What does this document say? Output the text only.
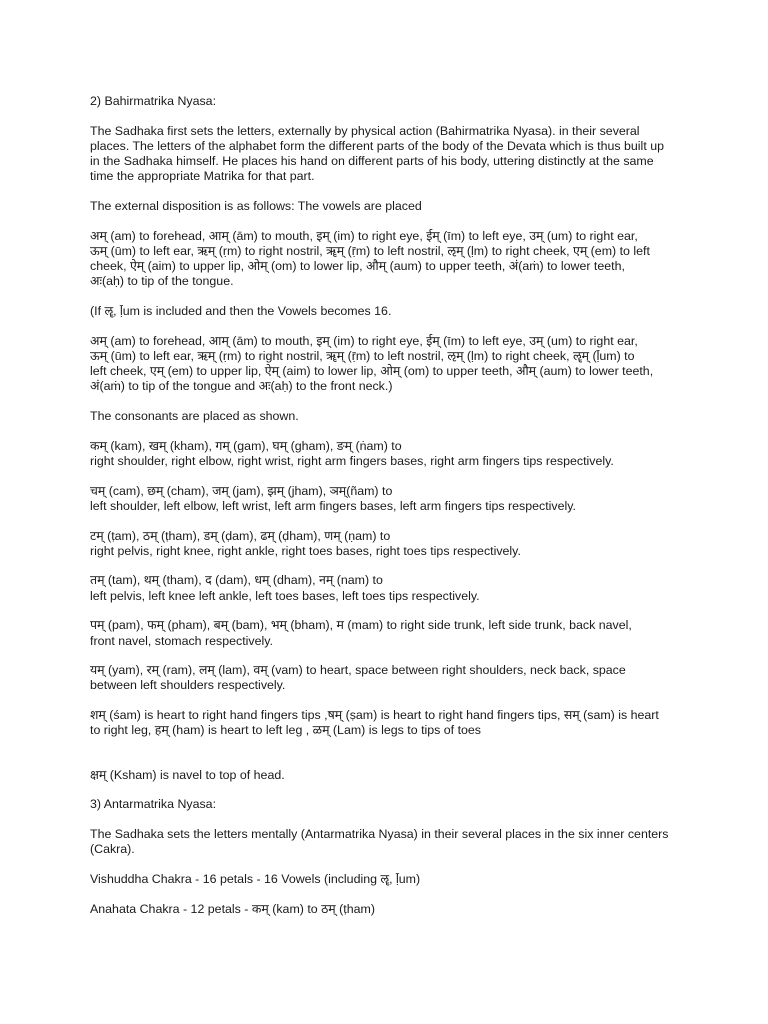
2) Bahirmatrika Nyasa:

The Sadhaka first sets the letters, externally by physical action (Bahirmatrika Nyasa). in their several
places. The letters of the alphabet form the different parts of the body of the Devata which is thus built up
in the Sadhaka himself. He places his hand on different parts of his body, uttering distinctly at the same
time the appropriate Matrika for that part.

The external disposition is as follows: The vowels are placed

अम् (am) to forehead, आम् (ām) to mouth, इम् (im) to right eye, ईम् (īm) to left eye, उम् (um) to right ear,
ऊम् (ūm) to left ear, ऋम् (ṛm) to right nostril, ॠम् (ṝm) to left nostril, ऌम् (ḷm) to right cheek, एम् (em) to left
cheek, ऐम् (aim) to upper lip, ओम् (om) to lower lip, औम् (aum) to upper teeth, अं(aṁ) to lower teeth,
अः(aḥ) to tip of the tongue.

(If ॡ, ḹum is included and then the Vowels becomes 16.

अम् (am) to forehead, आम् (ām) to mouth, इम् (im) to right eye, ईम् (īm) to left eye, उम् (um) to right ear,
ऊम् (ūm) to left ear, ऋम् (ṛm) to right nostril, ॠम् (ṝm) to left nostril, ऌम् (ḷm) to right cheek, ॡम् (ḹum) to
left cheek, एम् (em) to upper lip, ऐम् (aim) to lower lip, ओम् (om) to upper teeth, औम् (aum) to lower teeth,
अं(aṁ) to tip of the tongue and अः(aḥ) to the front neck.)

The consonants are placed as shown.

कम् (kam), खम् (kham), गम् (gam), घम् (gham), ङम् (ṅam) to
right shoulder, right elbow, right wrist, right arm fingers bases, right arm fingers tips respectively.

चम् (cam), छम् (cham), जम् (jam), झम् (jham), ञम्(ñam) to
left shoulder, left elbow, left wrist, left arm fingers bases, left arm fingers tips respectively.

टम् (ṭam), ठम् (ṭham), डम् (ḍam), ढम् (ḍham), णम् (ṇam) to
right pelvis, right knee, right ankle, right toes bases, right toes tips respectively.

तम् (tam), थम् (tham), द (dam), धम् (dham), नम् (nam) to
left pelvis, left knee left ankle, left toes bases, left toes tips respectively.

पम् (pam), फम् (pham), बम् (bam), भम् (bham), म (mam) to right side trunk, left side trunk, back navel,
front navel, stomach respectively.

यम् (yam), रम् (ram), लम् (lam), वम् (vam) to heart, space between right shoulders, neck back, space
between left shoulders respectively.

शम् (śam) is heart to right hand fingers tips ,षम् (ṣam) is heart to right hand fingers tips, सम् (sam) is heart
to right leg, हम् (ham) is heart to left leg , ळम् (Lam) is legs to tips of toes

क्षम् (Ksham) is navel to top of head.

3) Antarmatrika Nyasa:

The Sadhaka sets the letters mentally (Antarmatrika Nyasa) in their several places in the six inner centers
(Cakra).

Vishuddha Chakra - 16 petals - 16 Vowels (including ॡ, ḹum)

Anahata Chakra - 12 petals - कम् (kam) to ठम् (ṭham)
